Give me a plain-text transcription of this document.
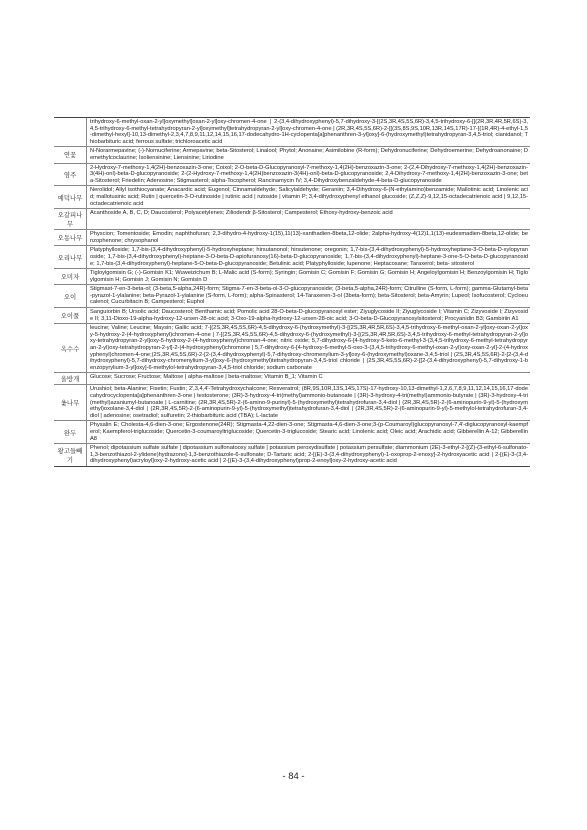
trihydroxy-6-methyl-oxan-2-yl]oxymethyl]oxan-2-yl]oxy-chromen-4-one | 2-(3,4-dihydroxyphenyl)-5,7-dihydroxy-3-[(2S,3R,4S,5S,6R)-3,4,5-trihydroxy-6-[[(2R,3R,4R,5R,6S)-3,4,5-trihydroxy-6-methyl-tetrahydropyran-2-yl]oxymethyl]tetrahydropyran-2-yl]oxy-chromen-4-one | (2R,3R,4S,5S,6R)-2-[[(3S,8S,9S,10R,13R,14S,17R)-17-[(1R,4R)-4-ethyl-1,5-dimethyl-hexyl]-10,13-dimethyl-2,3,4,7,8,9,11,12,14,15,16,17-dodecahydro-1H-cyclopenta[a]phenanthren-3-yl]oxy]-6-(hydroxymethyl)tetrahydropyran-3,4,5-triol; cianidanol; Thiobarbituric acid; ferrous sulfate; trichloroacetic acid
연꽃
N-Norarmepavine; (-)-Nornuciferine; Armepavine; beta-Sitosterol; Linalool; Phytol; Anonaine; Asimilobine (R-form); Dehydronuciferine; Dehydroemerine; Dehydroanonaine; Demethylcoclaurine; Isoliensinine; Liensinine; Liriodine
염주
2-Hydroxy-7-methoxy-1,4(2H)-benzoxazin-3-one; Coixol; 2-O-beta-D-Glucopyranosyl-7-methoxy-1,4(2H)-benzoxazin-3-one; 2-(2,4-Dihydroxy-7-methoxy-1,4(2H)-benzoxazin-3(4H)-onl)-beta-D-glucopyranoside; 2-(2-Hydroxy-7-methoxy-1,4(2H)benzoxazin-3(4H)-onl)-beta-D-glucopyranoside; 2,4-Dihydroxy-7-methoxy-1,4(2H)-benzoxazin-3-one; beta-Sitosterol; Friedelin; Adenosine; Stigmasterol; alpha-Tocopherol; Rancinamycin IV; 3,4-Dihydroxybenzaldehyde-4-beta-D-glucopyranoside
예덕나무
Nerolidol; Allyl isothiocyanate; Anacardic acid; Eugenol; Cinnamaldehyde; Salicylaldehyde; Geraniin; 3,4-Dihydroxy-6-(N-ethylamino)benzamide; Mallotinic acid; Linolenic acid; mallotusinic acid; Rutin | quercetin-3-O-rutinoside | rutinic acid | rutoside | vitamin P; 3,4-dihydroxyphenyl ethanol glucoside; (Z,Z,Z)-9,12,15-octadecatrienoic acid | 9,12,15-octadecatrienoic acid
오갈피나무
Acanthoside A, B, C, D; Daucosterol; Polyacetylenes; Ziliodendr β-Sitosterol; Campesterol; Ethoxy-hydroxy-benzoic acid
오동나무
Physcion; Tomentoside; Emodin; naphthofuran; 2,3-dihydro-4-hydroxy-1(15),11(13)-xanthadien-8beta,12-olide; 2alpha-hydroxy-4(12)1,1(13)-eudesmadien-8beta,12-olide; benzophenone; chrysophanol
오리나무
Platyphylloside; 1,7-bis-(3,4-dihydroxyphenyl)-5-hydroxyheptane; hirsutanonol; hirsutenone; oregonin; 1,7-bis-(3,4-dihydroxyphenyl)-5-hydroxyheptane-3-O-beta-D-xylopyranoside; 1,7-bis-(3,4-dihydroxyphenyl)-heptane-3-O-beta-D-apiofuranosy(16)-beta-D-glucopyranoside; 1,7-bis-(3,4-dihydroxyphenyl)-heptane-3-one-5-O-beta-D-glucopyranoside; 1,7-bis-(3,4-dihydroxyphenyl)-heptane-5-O-beta-D-glucopyranoside; Betulinic acid; Platyphylloside; lupenone; Heptacosane; Taraxerol; beta- sitosterol
오미자
Tigloylgomisin G; (-)-Gomisin K1; Wuweizichum B; L-Malic acid (S-form); Syringin; Gomisin C; Gomisin F; Gomisin G; Gomisin H; Angeloylgomisin H; Benzoylgomisin H; Tigloylgomisin H; Gomisin J; Gomisin N; Gomisin D
오이
Stigmast-7-en-3-beta-ol; (3-beta,5-alpha,24R)-form; Stigma-7-en-3-beta-ol-3-O-glucopyranoside; (3-beta,5-alpha,24R)-form; Citrulline (S-form, L-form); gamma-Glutamyl-beta-pyrazol-1-ylalanine; beta-Pyrazol-1-ylalanine (S-form, L-form); alpha-Spinasterol; 14-Taraxeren-3-ol (3beta-form); beta-Sitosterol; beta-Amyrin; Lupeol; Isofucosterol; Cycloeucalenol; Cucurbitacin B; Campesterol; Euphol
오이풀
Sanguiorbin B; Ursolic acid; Daucosterol; Benthamic acid; Pomolic acid 28-O-beta-D-glucopyranosyl ester; Ziyuglycoside II; Ziyuglycoside I; Vitamin C; Zizyvoside I; Zizyvoside II; 3,11-Dioxo-19-alpha-hydroxy-12-ursen-28-oic acid; 3-Oxo-19-alpha-hydroxy-12-ursen-28-oic acid; 3-O-beta-D-Glucopyranosylsitosterol; Procyanidin B3; Gambiriin A1
옥수수
leucine; Valine; Leucine; Maysin; Gallic acid; 7-[(2S,3R,4S,5S,6R)-4,5-dihydroxy-6-(hydroxymethyl)-3-[(2S,3R,4R,5R,6S)-3,4,5-trihydroxy-6-methyl-oxan-2-yl]oxy-oxan-2-yl]oxy-5-hydroxy-2-(4-hydroxyphenyl)chromen-4-one | 7-[(2S,3R,4S,5S,6R)-4,5-dihydroxy-6-(hydroxymethyl)-3-[(2S,3R,4R,5R,6S)-3,4,5-trihydroxy-6-methyl-tetrahydropyran-2-yl]oxy-tetrahydropyran-2-yl]oxy-5-hydroxy-2-(4-hydroxyphenyl)chroman-4-one; nitric oxide; 5,7-dihydroxy-6-[4-hydroxy-5-keto-6-methyl-3-(3,4,5-trihydroxy-6-methyl-tetrahydropyran-2-yl)oxy-tetrahydropyran-2-yl]-2-(4-hydroxyphenyl)chromone | 5,7-dihydroxy-6-[4-hydroxy-6-methyl-5-oxo-3-(3,4,5-trihydroxy-6-methyl-oxan-2-yl)oxy-oxan-2-yl]-2-(4-hydroxyphenyl)chromen-4-one;(2S,3R,4S,5S,6R)-2-[2-(3,4-dihydroxyphenyl)-5,7-dihydroxy-chromenylium-3-yl]oxy-6-(hydroxymethyl)oxane-3,4,5-triol | (2S,3R,4S,5S,6R)-2-[2-(3,4-dihydroxyphenyl)-5,7-dihydroxy-chromenylium-3-yl]oxy-6-(hydroxymethyl)tetrahydropyran-3,4,5-triol chloride | (2S,3R,4S,5S,6R)-2-[[2-(3,4-dihydroxyphenyl)-5,7-dihydroxy-1-benzopyrylium-3-yl]oxy]-6-methylol-tetrahydropyran-3,4,5-triol chloride; sodium carbonate
올방개	Glucose; Sucrose; Fructose; Maltose | alpha-maltose | beta-maltose; Vitamin B_1; Vitamin C
옻나무
Urushiol; beta-Alanine; Fisetin; Fustin; 2',3,4,4'-Tetrahydroxychalcone; Resveratrol; (8R,9S,10R,13S,14S,17S)-17-hydroxy-10,13-dimethyl-1,2,6,7,8,9,11,12,14,15,16,17-dodecahydrocyclopenta[a]phenanthren-3-one | testosterone; (3R)-3-hydroxy-4-tri(methyl)ammonio-butanoate | (3R)-3-hydroxy-4-tri(methyl)ammonio-butyrate | (3R)-3-hydroxy-4-tri(methyl)azaniumyl-butanoate | L-carnitine; (2R,3R,4S,5R)-2-(6-amino-9-purinyl)-5-(hydroxymethyl)tetrahydrofuran-3,4-diol | (2R,3R,4S,5R)-2-(6-aminopurin-9-yl)-5-(hydroxymethyl)oxolane-3,4-diol | (2R,3R,4S,5R)-2-(6-aminopurin-9-yl)-5-(hydroxymethyl)tetrahydrofuran-3,4-diol | (2R,3R,4S,5R)-2-(6-aminopurin-9-yl)-5-methylol-tetrahydrofuran-3,4-diol | adenosine; osetradiol; sulfuretin; 2-thiobarbituric acid (TBA); L-lactate
완두
Physalin E; Cholesta-4,6-dien-3-one; Ergostenone(24R); Stigmasta-4,22-dien-3-one; Stigmasta-4,6-dien-3-one;3-(p-Coumaroyl)glucopyranosyl-7,4'-diglucopyranosyl-kaempferol; Kaempferol-triglucoside; Quercetin-3-coumaroyltriglucoside; Quercetin-3-triglucoside; Stearic acid; Linolenic acid; Oleic acid; Arachidic acid; Gibberellin A-12; Gibberellin A8
왕고들빼기
Phenol; dipotassium sulfate sulfate | dipotassium sulfonatooxy sulfate | potassium peroxydisulfate | potassium persulfate; diammonium (2E)-3-ethyl-2-[(Z)-(3-ethyl-6-sulfonato-1,3-benzothiazol-2-ylidene)hydrazono]-1,3-benzothiazole-6-sulfonate; D-Tartaric acid; 2-[(E)-3-(3,4-dihydroxyphenyl)-1-oxoprop-2-enoxy]-2-hydroxyacetic acid | 2-[(E)-3-(3,4-dihydroxyphenyl)acryloyl]oxy-2-hydroxy-acetic acid | 2-[(E)-3-(3,4-dihydroxyphenyl)prop-2-enoyl]oxy-2-hydroxy-acetic acid
- 84 -
